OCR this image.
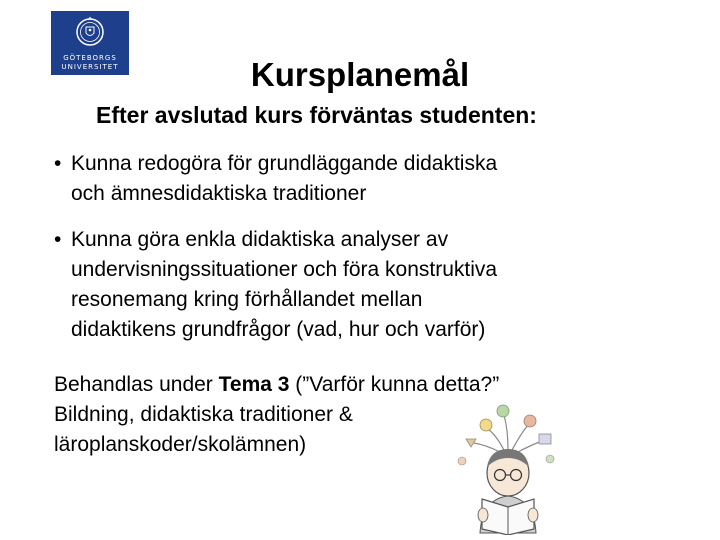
GÖTEBORGS
UNIVERSITET	Kursplanemål
Efter avslutad kurs förväntas studenten:
• Kunna redogöra för grundläggande didaktiska
och ämnesdidaktiska traditioner
• Kunna göra enkla didaktiska analyser av
undervisningssituationer och föra konstruktiva
resonemang kring förhållandet mellan
didaktikens grundfrågor (vad, hur och varför)
Behandlas under Tema 3 (”Varför kunna detta?”
Bildning, didaktiska traditioner &
läroplanskoder/skolämnen)
